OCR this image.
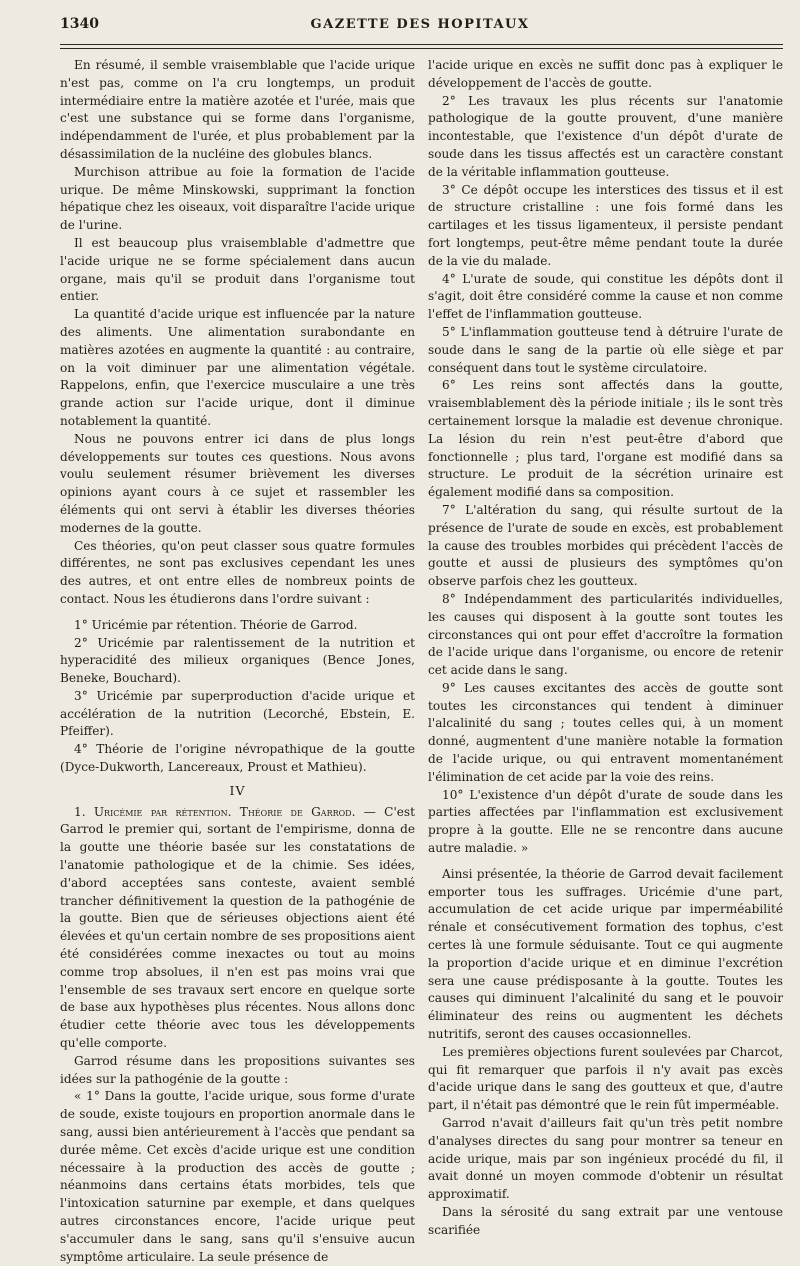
1340	GAZETTE DES HOPITAUX

En résumé, il semble vraisemblable que l'acide urique n'est pas, comme on l'a cru longtemps, un produit intermédiaire entre la matière azotée et l'urée, mais que c'est une substance qui se forme dans l'organisme, indépendamment de l'urée, et plus probablement par la désassimilation de la nucléine des globules blancs.

Murchison attribue au foie la formation de l'acide urique. De même Minskowski, supprimant la fonction hépatique chez les oiseaux, voit disparaître l'acide urique de l'urine.

Il est beaucoup plus vraisemblable d'admettre que l'acide urique ne se forme spécialement dans aucun organe, mais qu'il se produit dans l'organisme tout entier.

La quantité d'acide urique est influencée par la nature des aliments. Une alimentation surabondante en matières azotées en augmente la quantité : au contraire, on la voit diminuer par une alimentation végétale. Rappelons, enfin, que l'exercice musculaire a une très grande action sur l'acide urique, dont il diminue notablement la quantité.

Nous ne pouvons entrer ici dans de plus longs développements sur toutes ces questions. Nous avons voulu seulement résumer brièvement les diverses opinions ayant cours à ce sujet et rassembler les éléments qui ont servi à établir les diverses théories modernes de la goutte.

Ces théories, qu'on peut classer sous quatre formules différentes, ne sont pas exclusives cependant les unes des autres, et ont entre elles de nombreux points de contact. Nous les étudierons dans l'ordre suivant :

1° Uricémie par rétention. Théorie de Garrod.

2° Uricémie par ralentissement de la nutrition et hyperacidité des milieux organiques (Bence Jones, Beneke, Bouchard).

3° Uricémie par superproduction d'acide urique et accélération de la nutrition (Lecorché, Ebstein, E. Pfeiffer).

4° Théorie de l'origine névropathique de la goutte (Dyce-Dukworth, Lancereaux, Proust et Mathieu).

IV

1. Uricémie par rétention. Théorie de Garrod. — C'est Garrod le premier qui, sortant de l'empirisme, donna de la goutte une théorie basée sur les constatations de l'anatomie pathologique et de la chimie. Ses idées, d'abord acceptées sans conteste, avaient semblé trancher définitivement la question de la pathogénie de la goutte. Bien que de sérieuses objections aient été élevées et qu'un certain nombre de ses propositions aient été considérées comme inexactes ou tout au moins comme trop absolues, il n'en est pas moins vrai que l'ensemble de ses travaux sert encore en quelque sorte de base aux hypothèses plus récentes. Nous allons donc étudier cette théorie avec tous les développements qu'elle comporte.

Garrod résume dans les propositions suivantes ses idées sur la pathogénie de la goutte :

« 1° Dans la goutte, l'acide urique, sous forme d'urate de soude, existe toujours en proportion anormale dans le sang, aussi bien antérieurement à l'accès que pendant sa durée même. Cet excès d'acide urique est une condition nécessaire à la production des accès de goutte ; néanmoins dans certains états morbides, tels que l'intoxication saturnine par exemple, et dans quelques autres circonstances encore, l'acide urique peut s'accumuler dans le sang, sans qu'il s'ensuive aucun symptôme articulaire. La seule présence de

l'acide urique en excès ne suffit donc pas à expliquer le développement de l'accès de goutte.

2° Les travaux les plus récents sur l'anatomie pathologique de la goutte prouvent, d'une manière incontestable, que l'existence d'un dépôt d'urate de soude dans les tissus affectés est un caractère constant de la véritable inflammation goutteuse.

3° Ce dépôt occupe les interstices des tissus et il est de structure cristalline : une fois formé dans les cartilages et les tissus ligamenteux, il persiste pendant fort longtemps, peut-être même pendant toute la durée de la vie du malade.

4° L'urate de soude, qui constitue les dépôts dont il s'agit, doit être considéré comme la cause et non comme l'effet de l'inflammation goutteuse.

5° L'inflammation goutteuse tend à détruire l'urate de soude dans le sang de la partie où elle siège et par conséquent dans tout le système circulatoire.

6° Les reins sont affectés dans la goutte, vraisemblablement dès la période initiale ; ils le sont très certainement lorsque la maladie est devenue chronique. La lésion du rein n'est peut-être d'abord que fonctionnelle ; plus tard, l'organe est modifié dans sa structure. Le produit de la sécrétion urinaire est également modifié dans sa composition.

7° L'altération du sang, qui résulte surtout de la présence de l'urate de soude en excès, est probablement la cause des troubles morbides qui précèdent l'accès de goutte et aussi de plusieurs des symptômes qu'on observe parfois chez les goutteux.

8° Indépendamment des particularités individuelles, les causes qui disposent à la goutte sont toutes les circonstances qui ont pour effet d'accroître la formation de l'acide urique dans l'organisme, ou encore de retenir cet acide dans le sang.

9° Les causes excitantes des accès de goutte sont toutes les circonstances qui tendent à diminuer l'alcalinité du sang ; toutes celles qui, à un moment donné, augmentent d'une manière notable la formation de l'acide urique, ou qui entravent momentanément l'élimination de cet acide par la voie des reins.

10° L'existence d'un dépôt d'urate de soude dans les parties affectées par l'inflammation est exclusivement propre à la goutte. Elle ne se rencontre dans aucune autre maladie. »

Ainsi présentée, la théorie de Garrod devait facilement emporter tous les suffrages. Uricémie d'une part, accumulation de cet acide urique par imperméabilité rénale et consécutivement formation des tophus, c'est certes là une formule séduisante. Tout ce qui augmente la proportion d'acide urique et en diminue l'excrétion sera une cause prédisposante à la goutte. Toutes les causes qui diminuent l'alcalinité du sang et le pouvoir éliminateur des reins ou augmentent les déchets nutritifs, seront des causes occasionnelles.

Les premières objections furent soulevées par Charcot, qui fit remarquer que parfois il n'y avait pas excès d'acide urique dans le sang des goutteux et que, d'autre part, il n'était pas démontré que le rein fût imperméable.

Garrod n'avait d'ailleurs fait qu'un très petit nombre d'analyses directes du sang pour montrer sa teneur en acide urique, mais par son ingénieux procédé du fil, il avait donné un moyen commode d'obtenir un résultat approximatif.

Dans la sérosité du sang extrait par une ventouse scarifiée
